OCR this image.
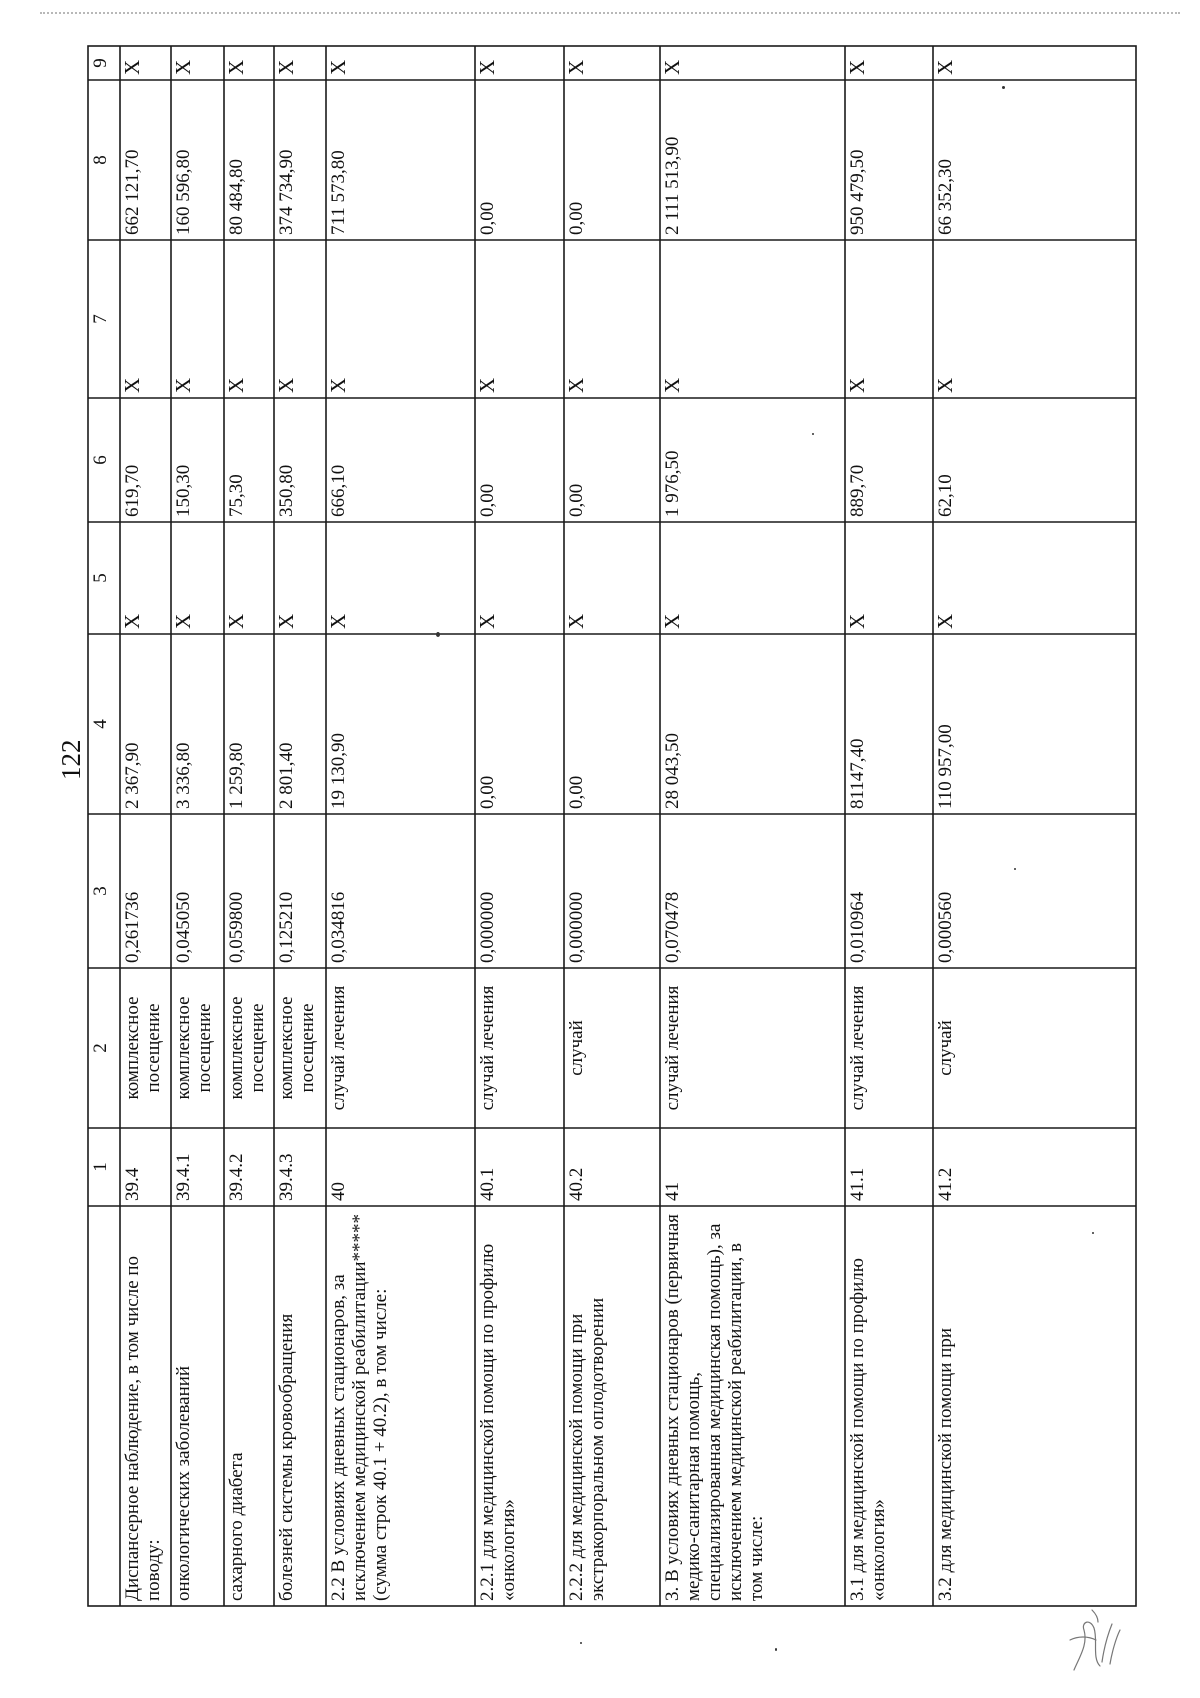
122
9
8
7
6
5
4
3
2
1
Диспансерное наблюдение, в том числе по поводу:
39.4
комплексное посещение
0,261736
2 367,90
Х
619,70
Х
662 121,70
Х
онкологических заболеваний
39.4.1
комплексное посещение
0,045050
3 336,80
Х
150,30
Х
160 596,80
Х
сахарного диабета
39.4.2
комплексное посещение
0,059800
1 259,80
Х
75,30
Х
80 484,80
Х
болезней системы кровообращения
39.4.3
комплексное посещение
0,125210
2 801,40
Х
350,80
Х
374 734,90
Х
2.2 В условиях дневных стационаров, за исключением медицинской реабилитации***** (сумма строк 40.1 + 40.2), в том числе:
40
случай лечения
0,034816
19 130,90
Х
666,10
Х
711 573,80
Х
2.2.1 для медицинской помощи по профилю «онкология»
40.1
случай лечения
0,000000
0,00
Х
0,00
Х
0,00
Х
2.2.2 для медицинской помощи при экстракорпоральном оплодотворении
40.2
случай
0,000000
0,00
Х
0,00
Х
0,00
Х
3. В условиях дневных стационаров (первичная медико-санитарная помощь, специализированная медицинская помощь), за исключением медицинской реабилитации, в том числе:
41
случай лечения
0,070478
28 043,50
Х
1 976,50
Х
2 111 513,90
Х
3.1 для медицинской помощи по профилю «онкология»
41.1
случай лечения
0,010964
81147,40
Х
889,70
Х
950 479,50
Х
3.2 для медицинской помощи при
41.2
случай
0,000560
110 957,00
Х
62,10
Х
66 352,30
Х
